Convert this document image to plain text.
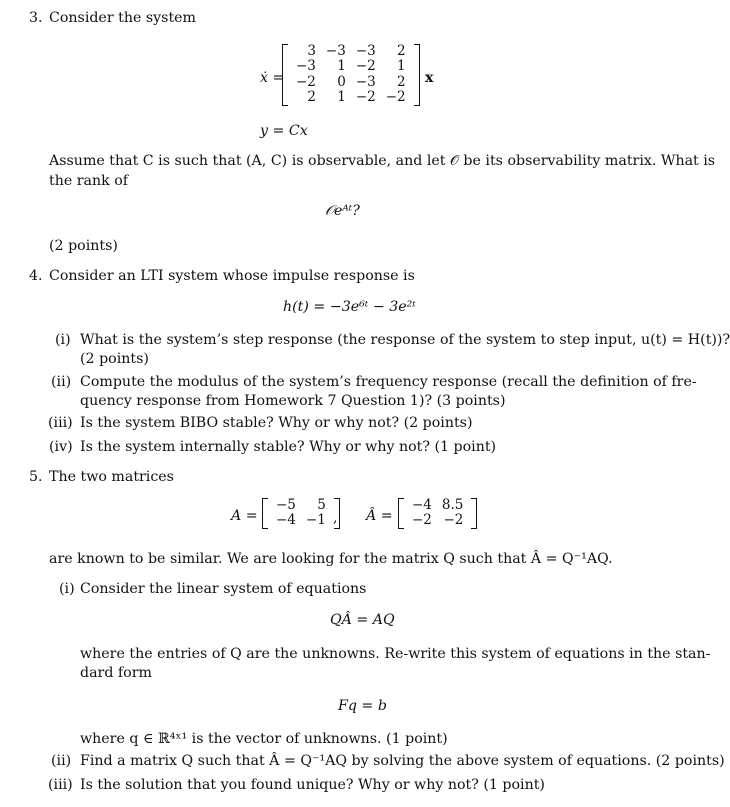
3. Consider the system
ẋ =
3	−3	−3	2
−3	1	−2	1
−2	0	−3	2
2	1	−2	−2
x
y = Cx
Assume that C is such that (A, C) is observable, and let 𝒪 be its observability matrix. What is
the rank of
𝒪eᴬᵗ?
(2 points)
4. Consider an LTI system whose impulse response is
h(t) = −3e⁶ᵗ − 3e²ᵗ
(i) What is the system’s step response (the response of the system to step input, u(t) = H(t))?
(2 points)
(ii) Compute the modulus of the system’s frequency response (recall the definition of fre-
quency response from Homework 7 Question 1)? (3 points)
(iii) Is the system BIBO stable? Why or why not? (2 points)
(iv) Is the system internally stable? Why or why not? (1 point)
5. The two matrices
A =
−5	5
−4	−1 , Â =
−4	8.5
−2	−2
are known to be similar. We are looking for the matrix Q such that Â = Q⁻¹AQ.
(i) Consider the linear system of equations
QÂ = AQ
where the entries of Q are the unknowns. Re-write this system of equations in the stan-
dard form
Fq = b
where q ∈ ℝ⁴ˣ¹ is the vector of unknowns. (1 point)
(ii) Find a matrix Q such that Â = Q⁻¹AQ by solving the above system of equations. (2 points)
(iii) Is the solution that you found unique? Why or why not? (1 point)
